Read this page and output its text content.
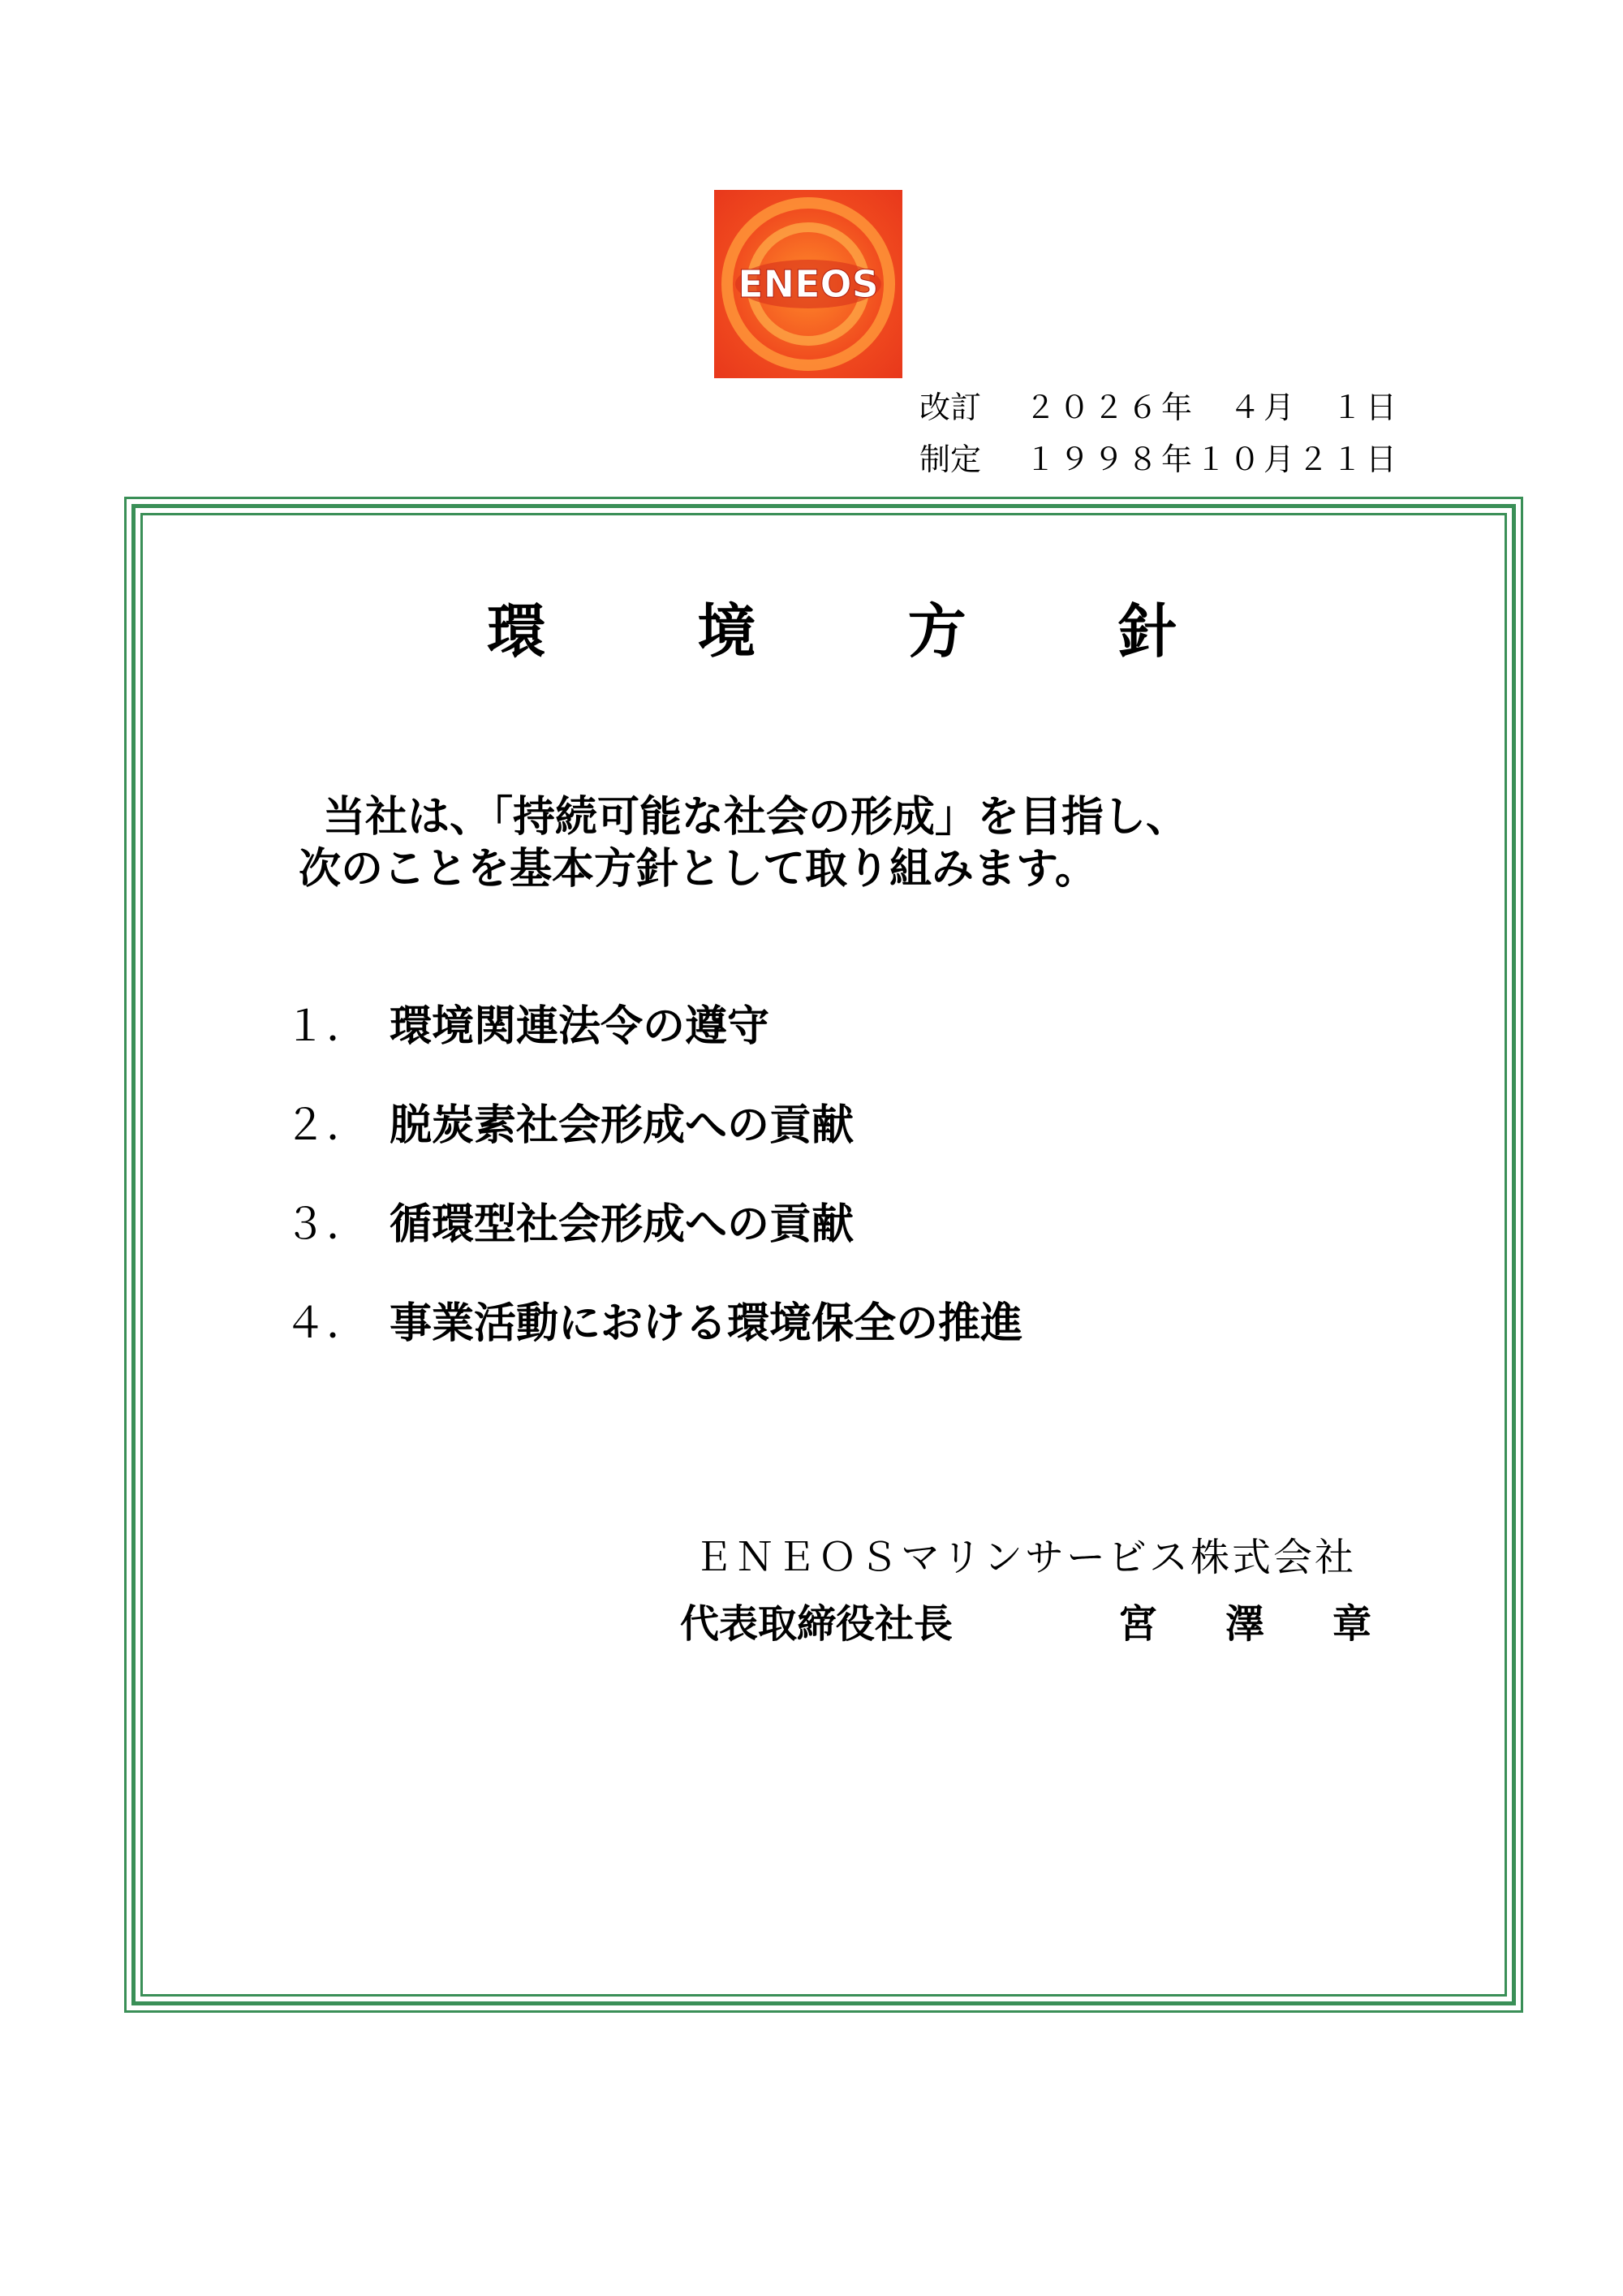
ENEOS
改訂	２０２６年　４月　１日
制定	１９９８年１０月２１日
環	境	方	針
当社は、「持続可能な社会の形成」を目指し、
次のことを基本方針として取り組みます。
１． 環境関連法令の遵守
２． 脱炭素社会形成への貢献
３． 循環型社会形成への貢献
４． 事業活動における環境保全の推進
ＥＮＥＯＳマリンサービス株式会社
代表取締役社長	宮　澤　章
